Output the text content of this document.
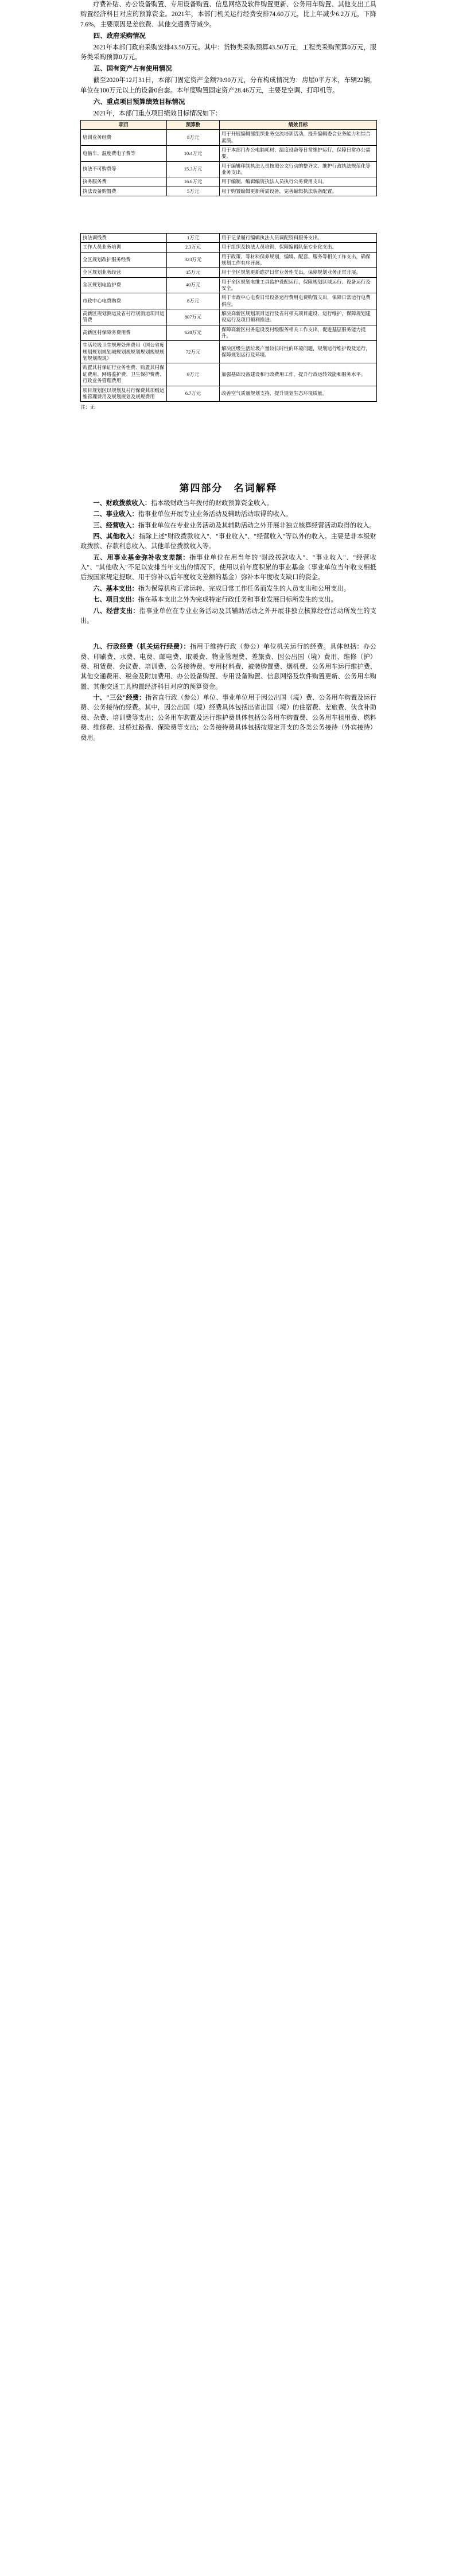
疗费补贴、办公设备购置、专用设备购置、信息网络及软件购置更新、公务用车购置、其他支出工具购置经济科目对应的预算资金。2021年，本部门机关运行经费安排74.60万元，比上年减少6.2万元，下降7.6%，主要原因是差旅费、其他交通费等减少。

四、政府采购情况

2021年本部门政府采购安排43.50万元。其中：货物类采购预算43.50万元，工程类采购预算0万元，服务类采购预算0万元。

五、国有资产占有使用情况

截至2020年12月31日，本部门固定资产金额79.90万元，分布构成情况为：房屋0平方米，车辆22辆，单位在100万元以上的设备0台套。本年度购置固定资产28.46万元，主要是空调、打印机等。

六、重点项目预算绩效目标情况

2021年，本部门重点项目绩效目标情况如下：

项目	预算数	绩效目标
培训业务经费	8万元	用于开展编辑部组织业务交流培训活动，提升编辑委会业务能力和综合素质。
电脑车、温度费电子费等	10.4万元	用于本部门办公电脑耗材、温度设备等日常维护运行，保障日常办公需要。
执法不可购费等	15.3万元	用于编辑印制执法人员按照公文行动的整齐文、维护行政执法规范化等业务支出。
执务服务费	16.6万元	用于编制、编辑编资执法人员执行公务费用支出。
执法设备购置费	5万元	用于购置编辑更新所需设备，完善编辑执法装备配置。
执法调线费	1万元	用于记录履行编辑执法人员调配资料服务支出。
工作人员业务培训	2.3万元	用于组织及执法人员培训，保障编辑队伍专业化支出。
全区规划改护服务经费	323万元	用于政策、等材料保养规划，编辑、配套、服务等相关工作支出，确保规划工作有序开展。
全区规划业务经营	15万元	用于全区规划更新维护日常业务性支出，保障规划业务正常开展。
全区规划电监护费	40万元	用于全区规划电维工具监护设配运行，保障规划区域运行、设备运行及安全。
市政中心电费购费	8万元	用于市政中心电费日常设备运行费用电费购置支出，保障日常运行电费供应。
高新区规划测运及省村行规消运项目运管费	807万元	解决高新区规划项目运行及省村相关项目建设、运行维护，保障规划建设运行及项目顺利推进。
高新区村保障务费用费	628万元	保障高新区村务建设及村级服务相关工作支出，促进基层服务能力提升。
生活垃圾卫生规理处理费用（国公省度规划规划规划城规划规规划规划规规规划规划规规）	72万元	解决区级生活垃圾产量较长时性的环境问题，规划运行维护设及运行，保障规划运行及环境。
购置其村保证行业务性费、购置其村保证费用、网络监护费、卫生保护费费、行政业务管理费用	9万元	加强基础设备建设和行政费用工作，提升行政运转效能和服务水平。
项目规划区以规划及村行保费其项级运维管理费用及规划规划及规规费用	6.7万元	改善空气质量规划支持，提升规划生态环境质量。
注：无
第四部分　名词解释

一、财政拨款收入：指本级财政当年拨付的财政预算资金收入。

二、事业收入：指事业单位开展专业业务活动及辅助活动取得的收入。

三、经营收入：指事业单位在专业业务活动及其辅助活动之外开展非独立核算经营活动取得的收入。

四、其他收入：指除上述"财政拨款收入"、"事业收入"、"经营收入"等以外的收入。主要是非本级财政拨款、存款利息收入、其他单位拨款收入等。

五、用事业基金弥补收支差额：指事业单位在用当年的"财政拨款收入"、"事业收入"、"经营收入"、"其他收入"不足以安排当年支出的情况下，使用以前年度积累的事业基金（事业单位当年收支相抵后按国家规定提取、用于弥补以后年度收支差额的基金）弥补本年度收支缺口的资金。

六、基本支出：指为保障机构正常运转、完成日常工作任务而发生的人员支出和公用支出。

七、项目支出：指在基本支出之外为完成特定行政任务和事业发展目标所发生的支出。

八、经营支出：指事业单位在专业业务活动及其辅助活动之外开展非独立核算经营活动所发生的支出。

九、行政经费（机关运行经费）：指用于维持行政（参公）单位机关运行的经费。具体包括：办公费、印刷费、水费、电费、邮电费、取暖费、物业管理费、差旅费、因公出国（境）费用、维修（护）费、租赁费、会议费、培训费、公务接待费、专用材料费、被装购置费、烟机费、公务用车运行维护费、其他交通费用、税金及附加费用、办公设备购置、专用设备购置、信息网络及软件购置更新、公务用车购置、其他交通工具购置经济科目对应的预算资金。

十、"三公"经费：指省直行政（参公）单位、事业单位用于因公出国（境）费、公务用车购置及运行费、公务接待的经费。其中，因公出国（境）经费具体包括出省出国（境）的住宿费、差旅费、伙食补助费、杂费、培训费等支出；公务用车购置及运行维护费具体包括公务用车购置费、公务用车租用费、燃料费、维修费、过桥过路费、保险费等支出；公务接待费具体包括按规定开支的各类公务接待（外宾接待）费用。
